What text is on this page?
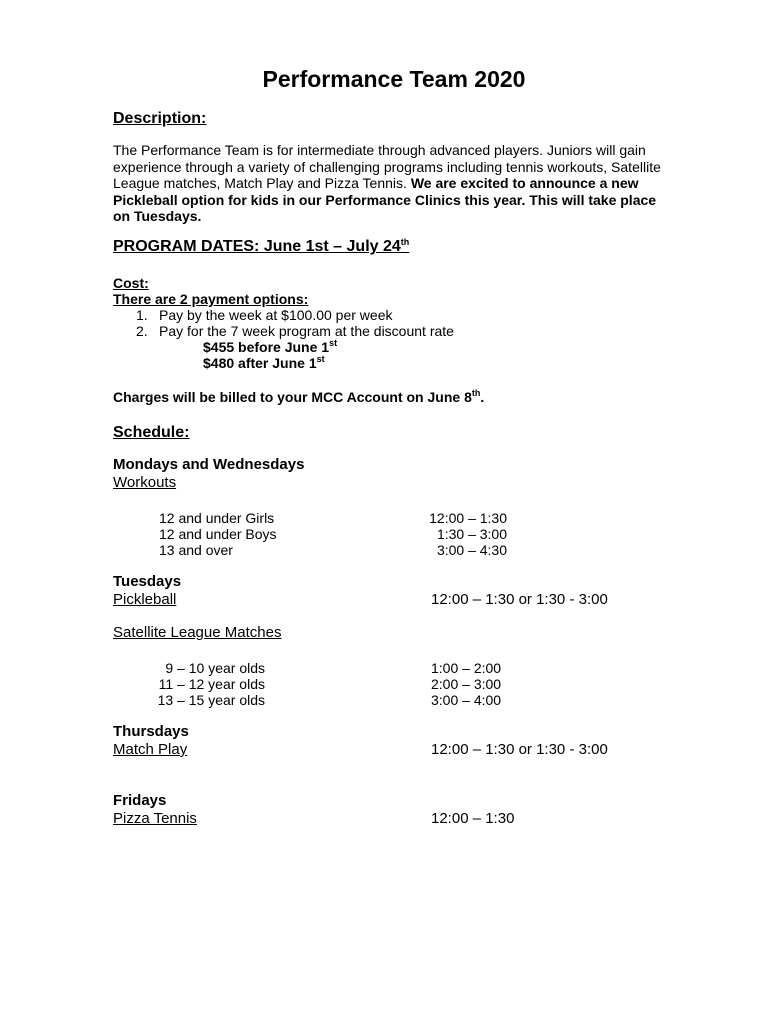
Performance Team 2020
Description:
The Performance Team is for intermediate through advanced players. Juniors will gain
experience through a variety of challenging programs including tennis workouts, Satellite
League matches, Match Play and Pizza Tennis. We are excited to announce a new
Pickleball option for kids in our Performance Clinics this year. This will take place
on Tuesdays.
PROGRAM DATES: June 1st – July 24th
Cost:
There are 2 payment options:
1. Pay by the week at $100.00 per week
2. Pay for the 7 week program at the discount rate
$455 before June 1st
$480 after June 1st
Charges will be billed to your MCC Account on June 8th.
Schedule:
Mondays and Wednesdays
Workouts
12 and under Girls	12:00 – 1:30
12 and under Boys	1:30 – 3:00
13 and over	3:00 – 4:30
Tuesdays
Pickleball	12:00 – 1:30 or 1:30 - 3:00
Satellite League Matches
9 – 10 year olds	1:00 – 2:00
11 – 12 year olds	2:00 – 3:00
13 – 15 year olds	3:00 – 4:00
Thursdays
Match Play	12:00 – 1:30 or 1:30 - 3:00
Fridays
Pizza Tennis	12:00 – 1:30
